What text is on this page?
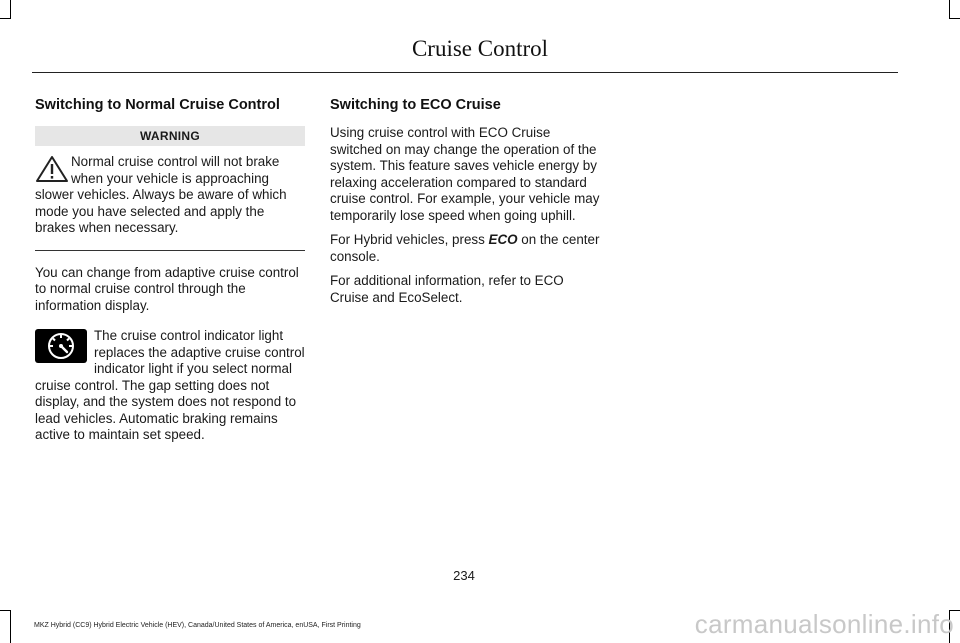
Cruise Control
Switching to Normal Cruise Control
WARNING
Normal cruise control will not brake when your vehicle is approaching slower vehicles. Always be aware of which mode you have selected and apply the brakes when necessary.

You can change from adaptive cruise control to normal cruise control through the information display.

The cruise control indicator light replaces the adaptive cruise control indicator light if you select normal cruise control. The gap setting does not display, and the system does not respond to lead vehicles. Automatic braking remains active to maintain set speed.
Switching to ECO Cruise

Using cruise control with ECO Cruise switched on may change the operation of the system. This feature saves vehicle energy by relaxing acceleration compared to standard cruise control. For example, your vehicle may temporarily lose speed when going uphill.

For Hybrid vehicles, press ECO on the center console.

For additional information, refer to ECO Cruise and EcoSelect.

234
MKZ Hybrid (CC9) Hybrid Electric Vehicle (HEV), Canada/United States of America, enUSA, First Printing	carmanualsonline.info
